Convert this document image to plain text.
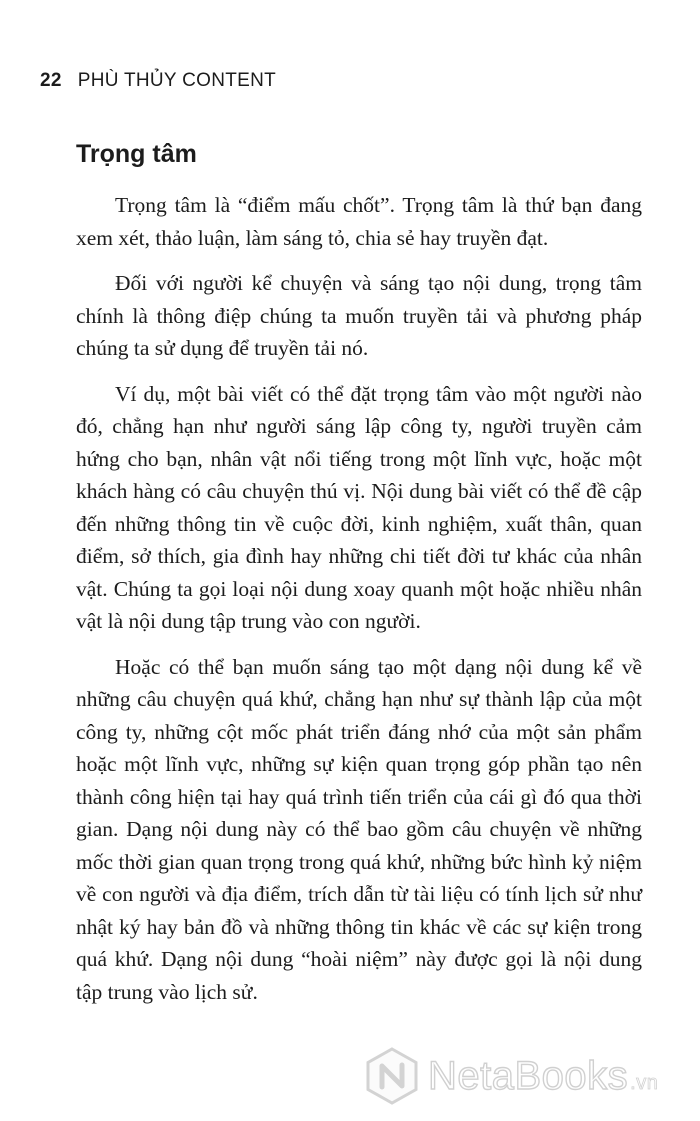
22 PHÙ THỦY CONTENT
Trọng tâm

Trọng tâm là “điểm mấu chốt”. Trọng tâm là thứ bạn đang xem xét, thảo luận, làm sáng tỏ, chia sẻ hay truyền đạt.

Đối với người kể chuyện và sáng tạo nội dung, trọng tâm chính là thông điệp chúng ta muốn truyền tải và phương pháp chúng ta sử dụng để truyền tải nó.

Ví dụ, một bài viết có thể đặt trọng tâm vào một người nào đó, chẳng hạn như người sáng lập công ty, người truyền cảm hứng cho bạn, nhân vật nổi tiếng trong một lĩnh vực, hoặc một khách hàng có câu chuyện thú vị. Nội dung bài viết có thể đề cập đến những thông tin về cuộc đời, kinh nghiệm, xuất thân, quan điểm, sở thích, gia đình hay những chi tiết đời tư khác của nhân vật. Chúng ta gọi loại nội dung xoay quanh một hoặc nhiều nhân vật là nội dung tập trung vào con người.

Hoặc có thể bạn muốn sáng tạo một dạng nội dung kể về những câu chuyện quá khứ, chẳng hạn như sự thành lập của một công ty, những cột mốc phát triển đáng nhớ của một sản phẩm hoặc một lĩnh vực, những sự kiện quan trọng góp phần tạo nên thành công hiện tại hay quá trình tiến triển của cái gì đó qua thời gian. Dạng nội dung này có thể bao gồm câu chuyện về những mốc thời gian quan trọng trong quá khứ, những bức hình kỷ niệm về con người và địa điểm, trích dẫn từ tài liệu có tính lịch sử như nhật ký hay bản đồ và những thông tin khác về các sự kiện trong quá khứ. Dạng nội dung “hoài niệm” này được gọi là nội dung tập trung vào lịch sử.

NetaBooks .vn
